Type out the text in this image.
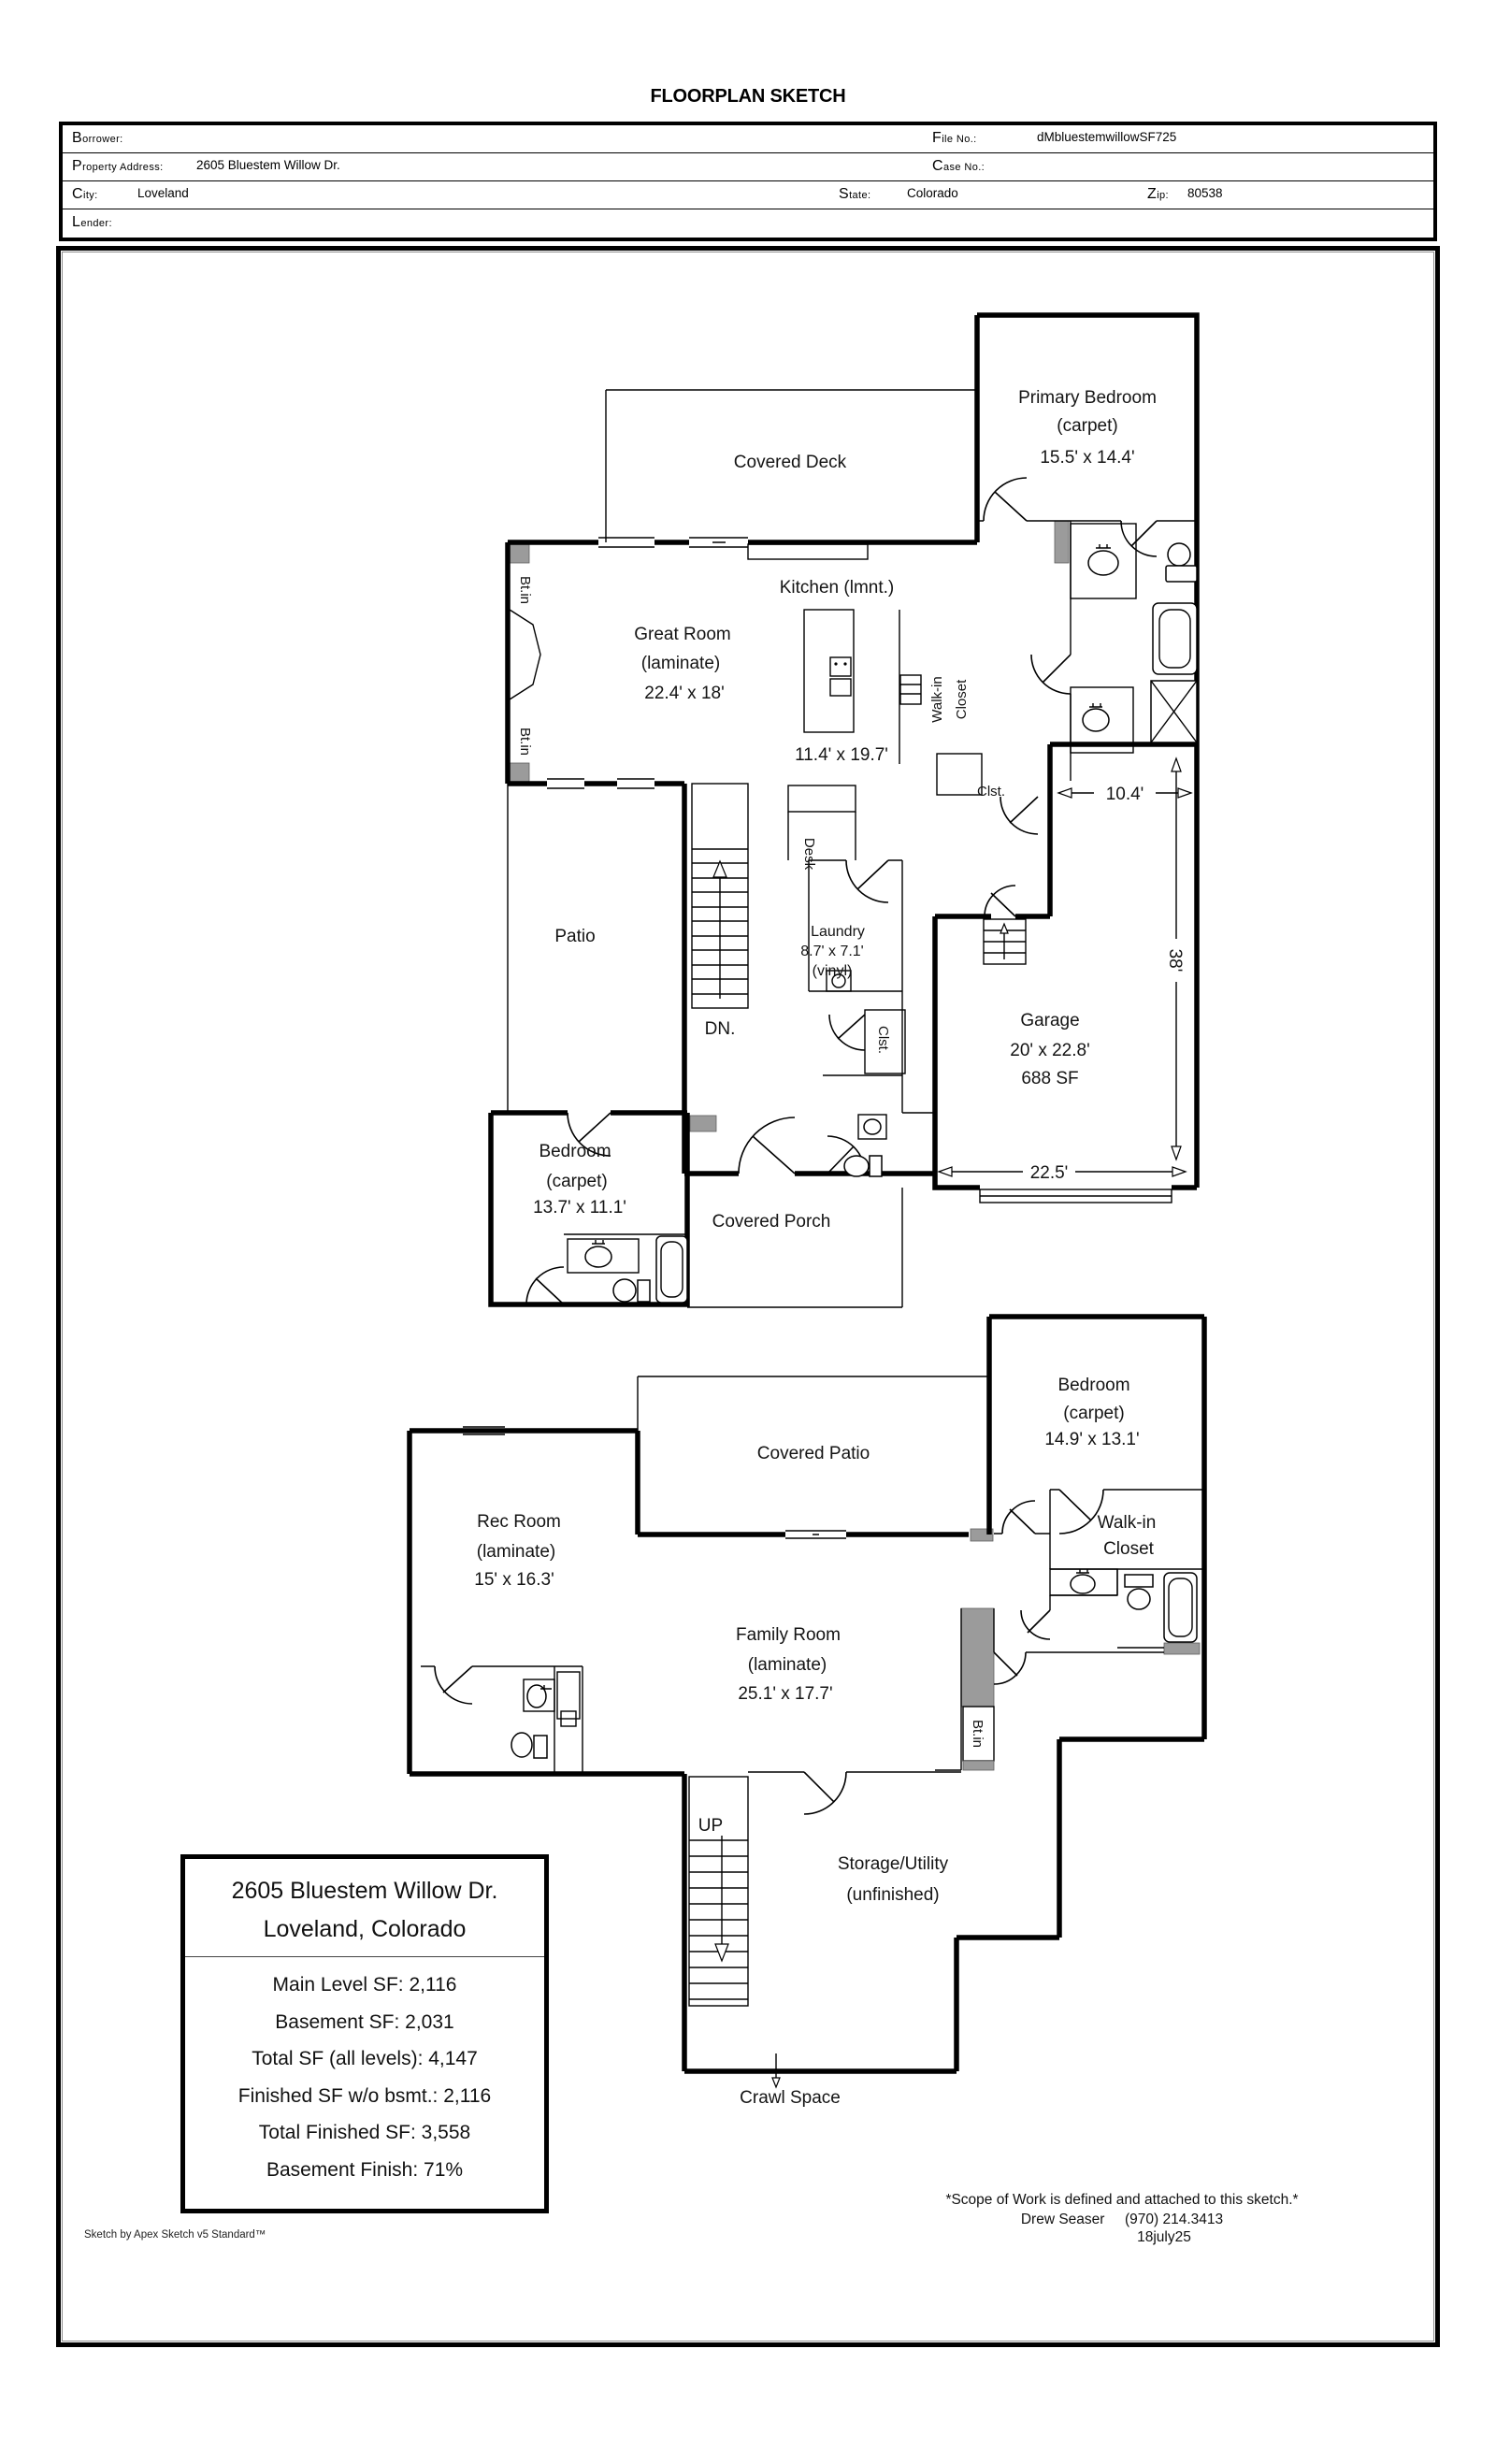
FLOORPLAN SKETCH
Borrower:	File No.:	dMbluestemwillowSF725
Property Address:	2605 Bluestem Willow Dr.	Case No.:
City:	Loveland	State:	Colorado	Zip: 80538
Lender:
10.4'
38'
22.5'
Covered Deck
Primary Bedroom
(carpet)
15.5' x 14.4'
Great Room
(laminate)
22.4' x 18'
Kitchen (lmnt.)
11.4' x 19.7'
Walk-in Closet
Bt.in
Bt.in
Desk
Patio
DN.
Laundry
8.7' x 7.1'
(vinyl)
Clst.
Clst.
Garage
20' x 22.8'
688 SF
Bedroom
(carpet)
13.7' x 11.1'
Covered Porch
Bedroom
(carpet)
14.9' x 13.1'
Covered Patio
Rec Room
(laminate)
15' x 16.3'
Walk-in
Closet
Family Room
(laminate)
25.1' x 17.7'
Bt.in
UP
Storage/Utility
(unfinished)
Crawl Space
2605 Bluestem Willow Dr.
Loveland, Colorado
Main Level SF: 2,116
Basement SF: 2,031
Total SF (all levels): 4,147
Finished SF w/o bsmt.: 2,116
Total Finished SF: 3,558
Basement Finish: 71%
Sketch by Apex Sketch v5 Standard™
*Scope of Work is defined and attached to this sketch.*
Drew Seaser     (970) 214.3413
18july25
